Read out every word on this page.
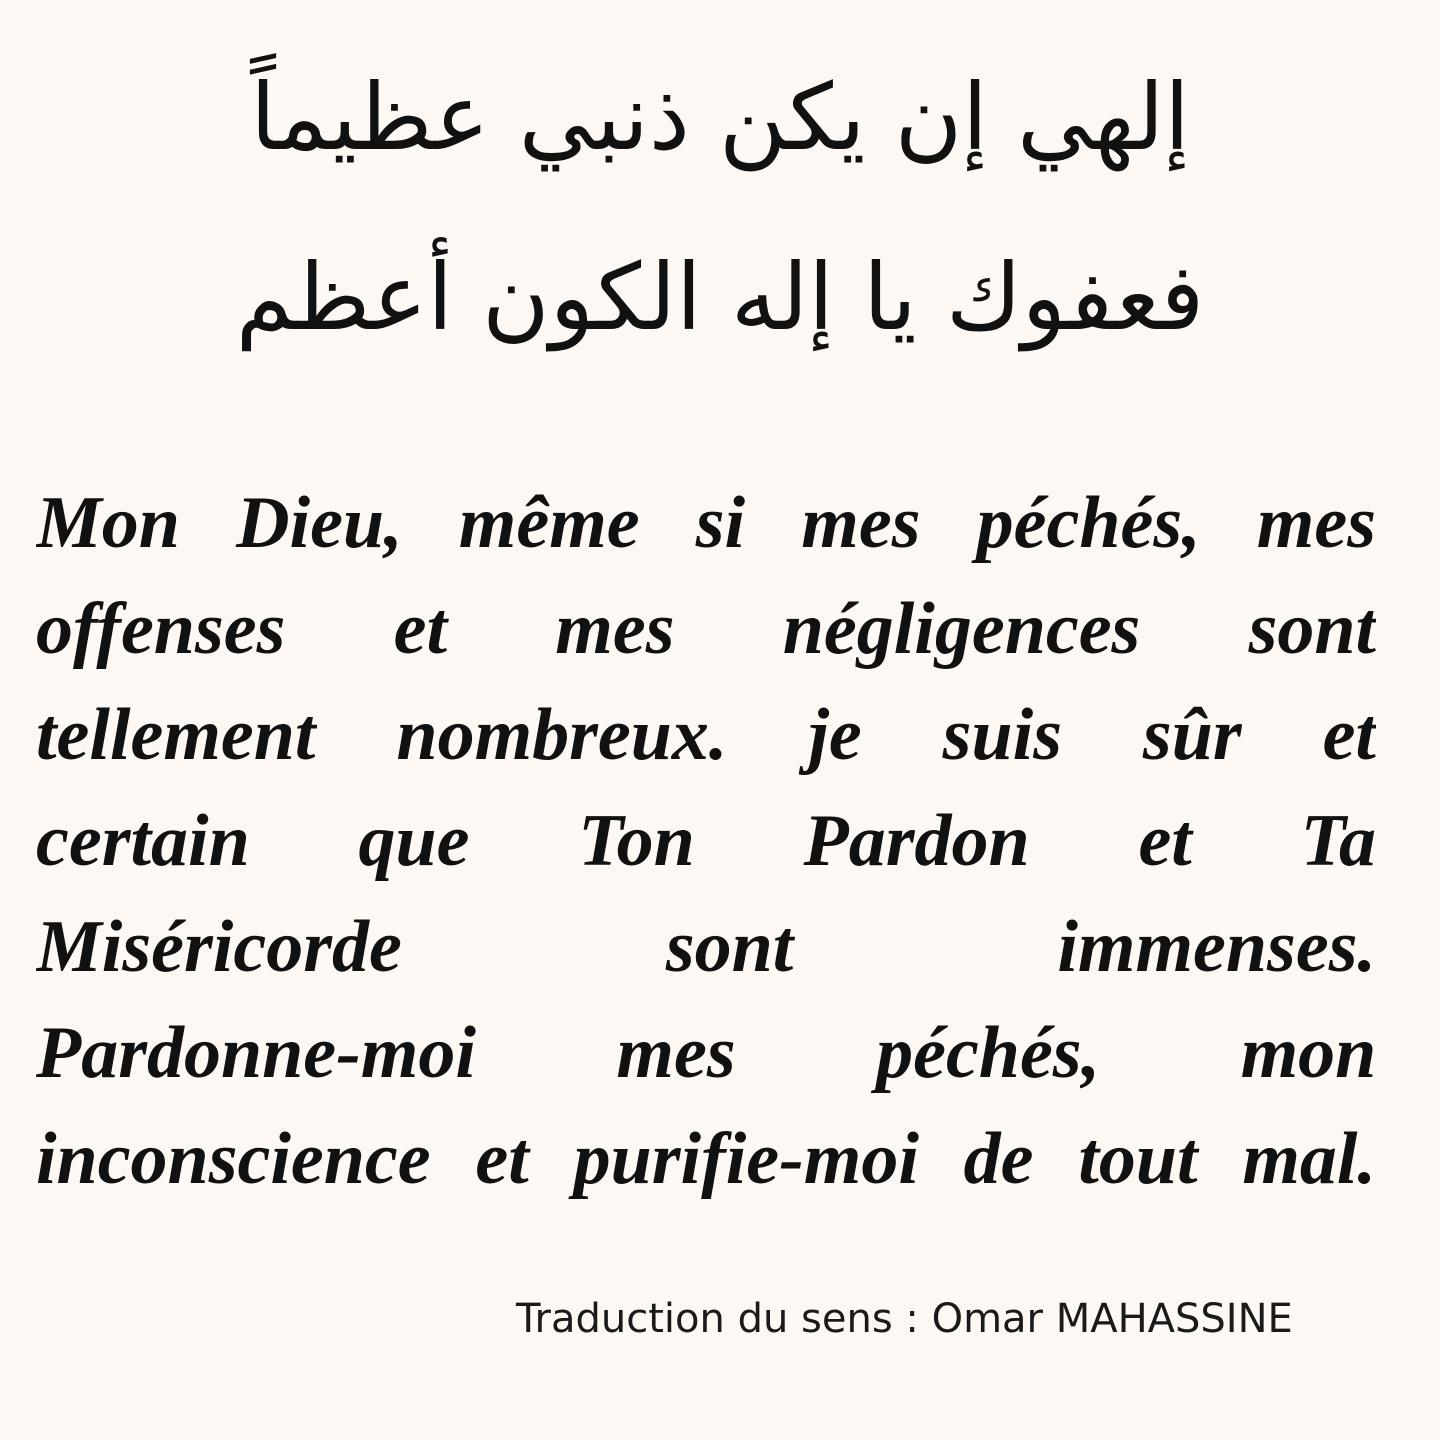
إلهي إن يكن ذنبي عظيماً
فعفوك يا إله الكون أعظم
Mon Dieu, même si mes péchés, mes
offenses et mes négligences sont
tellement nombreux. je suis sûr et
certain que Ton Pardon et Ta
Miséricorde sont immenses.
Pardonne-moi mes péchés, mon
inconscience et purifie-moi de tout mal.
Traduction du sens : Omar MAHASSINE
